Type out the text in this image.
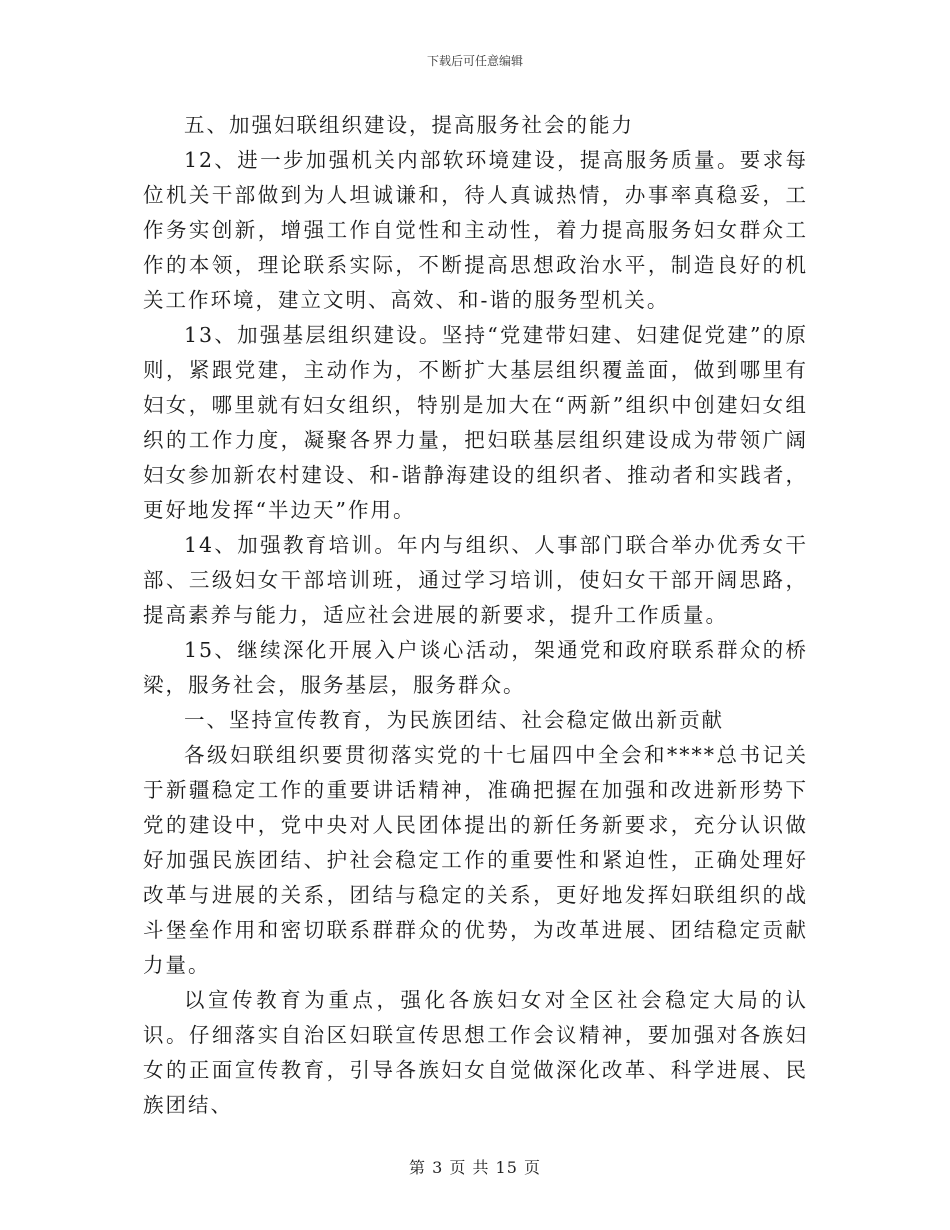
下载后可任意编辑

五、加强妇联组织建设，提高服务社会的能力

12、进一步加强机关内部软环境建设，提高服务质量。要求每位机关干部做到为人坦诚谦和，待人真诚热情，办事率真稳妥，工作务实创新，增强工作自觉性和主动性，着力提高服务妇女群众工作的本领，理论联系实际，不断提高思想政治水平，制造良好的机关工作环境，建立文明、高效、和-谐的服务型机关。

13、加强基层组织建设。坚持“党建带妇建、妇建促党建”的原则，紧跟党建，主动作为，不断扩大基层组织覆盖面，做到哪里有妇女，哪里就有妇女组织，特别是加大在“两新”组织中创建妇女组织的工作力度，凝聚各界力量，把妇联基层组织建设成为带领广阔妇女参加新农村建设、和-谐静海建设的组织者、推动者和实践者，更好地发挥“半边天”作用。

14、加强教育培训。年内与组织、人事部门联合举办优秀女干部、三级妇女干部培训班，通过学习培训，使妇女干部开阔思路，提高素养与能力，适应社会进展的新要求，提升工作质量。

15、继续深化开展入户谈心活动，架通党和政府联系群众的桥梁，服务社会，服务基层，服务群众。

一、坚持宣传教育，为民族团结、社会稳定做出新贡献

各级妇联组织要贯彻落实党的十七届四中全会和****总书记关于新疆稳定工作的重要讲话精神，准确把握在加强和改进新形势下党的建设中，党中央对人民团体提出的新任务新要求，充分认识做好加强民族团结、护社会稳定工作的重要性和紧迫性，正确处理好改革与进展的关系，团结与稳定的关系，更好地发挥妇联组织的战斗堡垒作用和密切联系群群众的优势，为改革进展、团结稳定贡献力量。

以宣传教育为重点，强化各族妇女对全区社会稳定大局的认识。仔细落实自治区妇联宣传思想工作会议精神，要加强对各族妇女的正面宣传教育，引导各族妇女自觉做深化改革、科学进展、民族团结、

第 3 页 共 15 页
